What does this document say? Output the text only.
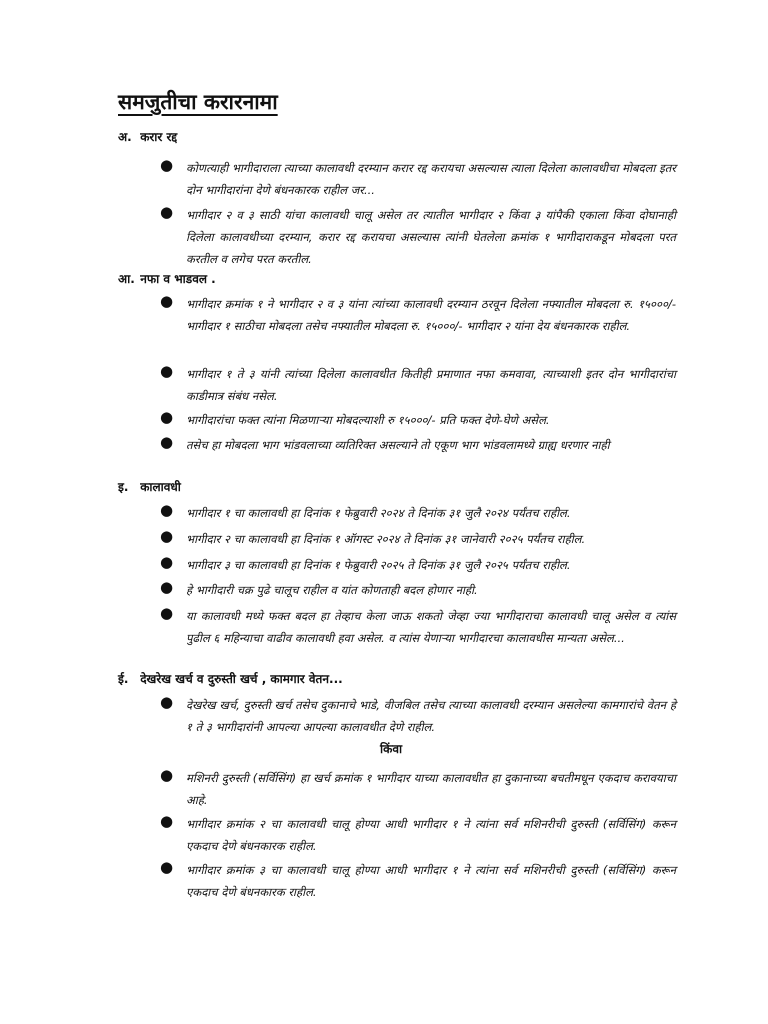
समजुतीचा करारनामा
अ. करार रद्द
● कोणत्याही भागीदाराला त्याच्या कालावधी दरम्यान करार रद्द करायचा असल्यास त्याला दिलेला कालावधीचा मोबदला इतर दोन भागीदारांना देणे बंधनकारक राहील जर...
● भागीदार २ व ३ साठी यांचा कालावधी चालू असेल तर त्यातील भागीदार २ किंवा ३ यांपैकी एकाला किंवा दोघानाही दिलेला कालावधीच्या दरम्यान, करार रद्द करायचा असल्यास त्यांनी घेतलेला क्रमांक १ भागीदाराकडून मोबदला परत करतील व लगेच परत करतील.
आ. नफा व भाडवल .
● भागीदार क्रमांक १ ने भागीदार २ व ३ यांना त्यांच्या कालावधी दरम्यान ठरवून दिलेला नफ्यातील मोबदला रु. १५०००/- भागीदार १ साठीचा मोबदला तसेच नफ्यातील मोबदला रु. १५०००/- भागीदार २ यांना देय बंधनकारक राहील.
● भागीदार १ ते ३ यांनी त्यांच्या दिलेला कालावधीत कितीही प्रमाणात नफा कमवावा, त्याच्याशी इतर दोन भागीदारांचा काडीमात्र संबंध नसेल.
● भागीदारांचा फक्त त्यांना मिळणाऱ्या मोबदल्याशी रु १५०००/- प्रति फक्त देणे-घेणे असेल.
● तसेच हा मोबदला भाग भांडवलाच्या व्यतिरिक्त असल्याने तो एकूण भाग भांडवलामध्ये ग्राह्य धरणार नाही
इ. कालावधी
● भागीदार १ चा कालावधी हा दिनांक १ फेब्रुवारी २०२४ ते दिनांक ३१ जुलै २०२४ पर्यंतच राहील.
● भागीदार २ चा कालावधी हा दिनांक १ ऑगस्ट २०२४ ते दिनांक ३१ जानेवारी २०२५ पर्यंतच राहील.
● भागीदार ३ चा कालावधी हा दिनांक १ फेब्रुवारी २०२५ ते दिनांक ३१ जुलै २०२५ पर्यंतच राहील.
● हे भागीदारी चक्र पुढे चालूच राहील व यांत कोणताही बदल होणार नाही.
● या कालावधी मध्ये फक्त बदल हा तेव्हाच केला जाऊ शकतो जेव्हा ज्या भागीदाराचा कालावधी चालू असेल व त्यांस पुढील ६ महिन्याचा वाढीव कालावधी हवा असेल. व त्यांस येणाऱ्या भागीदारचा कालावधीस मान्यता असेल...
ई. देखरेख खर्च व दुरुस्ती खर्च , कामगार वेतन...
● देखरेख खर्च, दुरुस्ती खर्च तसेच दुकानाचे भाडे, वीजबिल तसेच त्याच्या कालावधी दरम्यान असलेल्या कामगारांचे वेतन हे १ ते ३ भागीदारांनी आपल्या आपल्या कालावधीत देणे राहील.
किंवा
● मशिनरी दुरुस्ती (सर्विसिंग) हा खर्च क्रमांक १ भागीदार याच्या कालावधीत हा दुकानाच्या बचतीमधून एकदाच करावयाचा आहे.
● भागीदार क्रमांक २ चा कालावधी चालू होण्या आधी भागीदार १ ने त्यांना सर्व मशिनरीची दुरुस्ती (सर्विसिंग) करून एकदाच देणे बंधनकारक राहील.
● भागीदार क्रमांक ३ चा कालावधी चालू होण्या आधी भागीदार १ ने त्यांना सर्व मशिनरीची दुरुस्ती (सर्विसिंग) करून एकदाच देणे बंधनकारक राहील.
